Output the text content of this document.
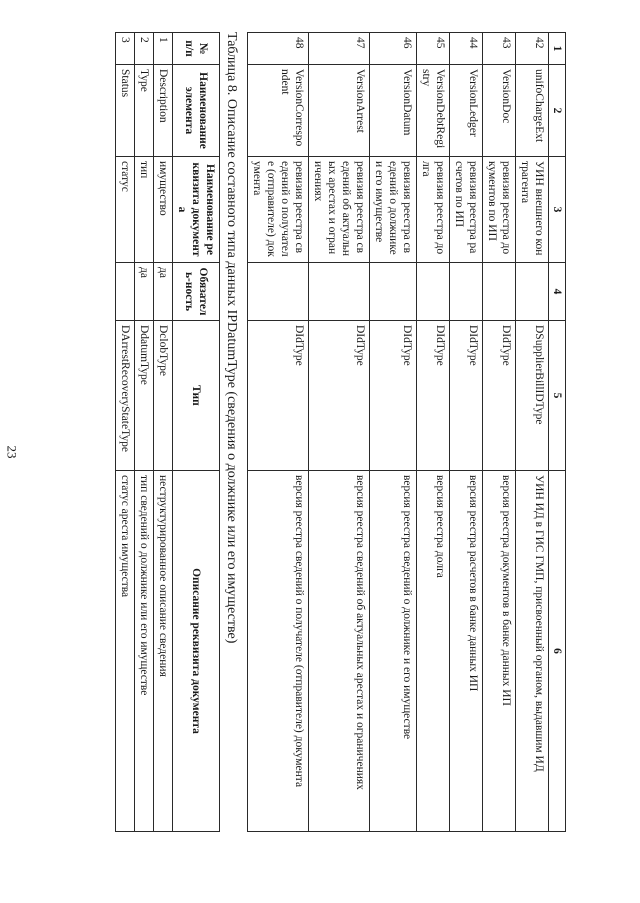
23
1	2	3	4	5	6
42	unifoChargeExt	УИН внешнего контрагента		DSupplierBillIDType	УИН ИД в ГИС ГМП, присвоенный органом, выдавшим ИД
43	VersionDoc	ревизия реестра документов по ИП		DIdType	версия реестра документов в банке данных ИП
44	VersionLedger	ревизия реестра расчетов по ИП		DIdType	версия реестра расчетов в банке данных ИП
45	VersionDebtRegistry	ревизия реестра долга		DIdType	версия реестра долга
46	VersionDatum	ревизия реестра сведений о должнике и его имуществе		DIdType	версия реестра сведений о должнике и его имуществе
47	VersionArrest	ревизия реестра сведений об актуальных арестах и ограничениях		DIdType	версия реестра сведений об актуальных арестах и ограничениях
48	VersionCorrespondent	ревизия реестра сведений о получателе (отправителе) документа		DIdType	версия реестра сведений о получателе (отправителе) документа
Таблица 8. Описание составного типа данных IPDatumType (сведения о должнике или его имуществе)
№ п/п	Наименование элемента	Наименование реквизита документа	Обязатель-ность	Тип	Описание реквизита документа
1	Description	имущество	да	DclobType	неструктурированное описание сведения
2	Type	тип	да	DdatumType	тип сведений о должнике или его имуществе
3	Status	статус		DArrestRecoveryStateType	статус ареста имущества
